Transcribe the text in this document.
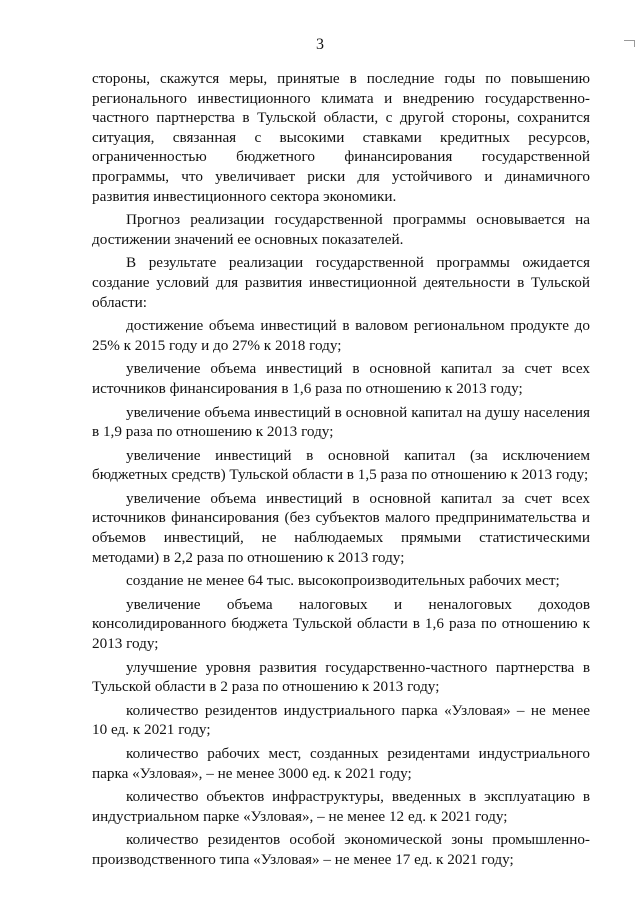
3

стороны, скажутся меры, принятые в последние годы по повышению регионального инвестиционного климата и внедрению государственно-частного партнерства в Тульской области, с другой стороны, сохранится ситуация, связанная с высокими ставками кредитных ресурсов, ограниченностью бюджетного финансирования государственной программы, что увеличивает риски для устойчивого и динамичного развития инвестиционного сектора экономики.

Прогноз реализации государственной программы основывается на достижении значений ее основных показателей.

В результате реализации государственной программы ожидается создание условий для развития инвестиционной деятельности в Тульской области:

достижение объема инвестиций в валовом региональном продукте до 25% к 2015 году и до 27% к 2018 году;

увеличение объема инвестиций в основной капитал за счет всех источников финансирования в 1,6 раза по отношению к 2013 году;

увеличение объема инвестиций в основной капитал на душу населения в 1,9 раза по отношению к 2013 году;

увеличение инвестиций в основной капитал (за исключением бюджетных средств) Тульской области в 1,5 раза по отношению к 2013 году;

увеличение объема инвестиций в основной капитал за счет всех источников финансирования (без субъектов малого предпринимательства и объемов инвестиций, не наблюдаемых прямыми статистическими методами) в 2,2 раза по отношению к 2013 году;

создание не менее 64 тыс. высокопроизводительных рабочих мест;

увеличение объема налоговых и неналоговых доходов консолидированного бюджета Тульской области в 1,6 раза по отношению к 2013 году;

улучшение уровня развития государственно-частного партнерства в Тульской области в 2 раза по отношению к 2013 году;

количество резидентов индустриального парка «Узловая» – не менее 10 ед. к 2021 году;

количество рабочих мест, созданных резидентами индустриального парка «Узловая», – не менее 3000 ед. к 2021 году;

количество объектов инфраструктуры, введенных в эксплуатацию в индустриальном парке «Узловая», – не менее 12 ед. к 2021 году;

количество резидентов особой экономической зоны промышленно-производственного типа «Узловая» – не менее 17 ед. к 2021 году;
